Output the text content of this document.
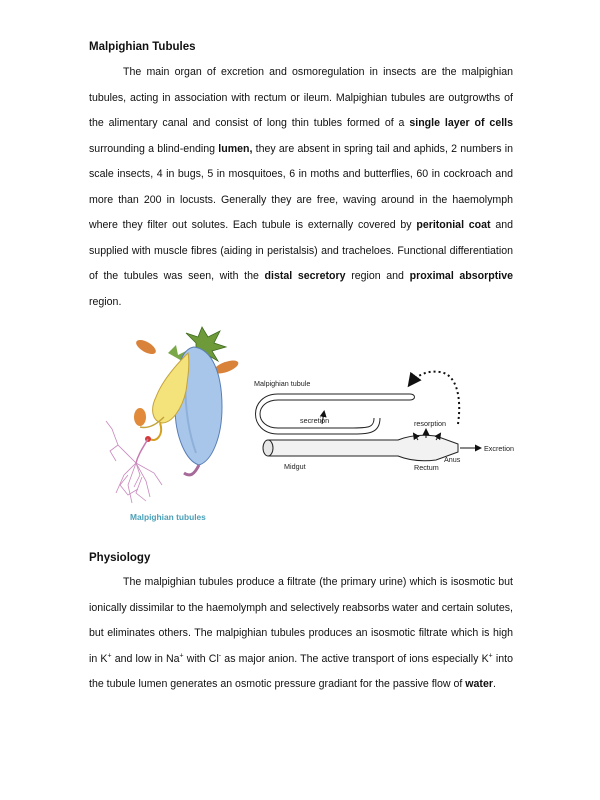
Malpighian Tubules

The main organ of excretion and osmoregulation in insects are the malpighian tubules, acting in association with rectum or ileum. Malpighian tubules are outgrowths of the alimentary canal and consist of long thin tubles formed of a single layer of cells surrounding a blind-ending lumen, they are absent in spring tail and aphids, 2 numbers in scale insects, 4 in bugs, 5 in mosquitoes, 6 in moths and butterflies, 60 in cockroach and more than 200 in locusts. Generally they are free, waving around in the haemolymph where they filter out solutes. Each tubule is externally covered by peritonial coat and supplied with muscle fibres (aiding in peristalsis) and tracheloes. Functional differentiation of the tubules was seen, with the distal secretory region and proximal absorptive region.

Malpighian tubules
Malpighian tubule
secretion	resorption
Excretion
Anus
Midgut	Rectum
Physiology

The malpighian tubules produce a filtrate (the primary urine) which is isosmotic but ionically dissimilar to the haemolymph and selectively reabsorbs water and certain solutes, but eliminates others. The malpighian tubules produces an isosmotic filtrate which is high in K+ and low in Na+ with Cl- as major anion. The active transport of ions especially K+ into the tubule lumen generates an osmotic pressure gradiant for the passive flow of water.
